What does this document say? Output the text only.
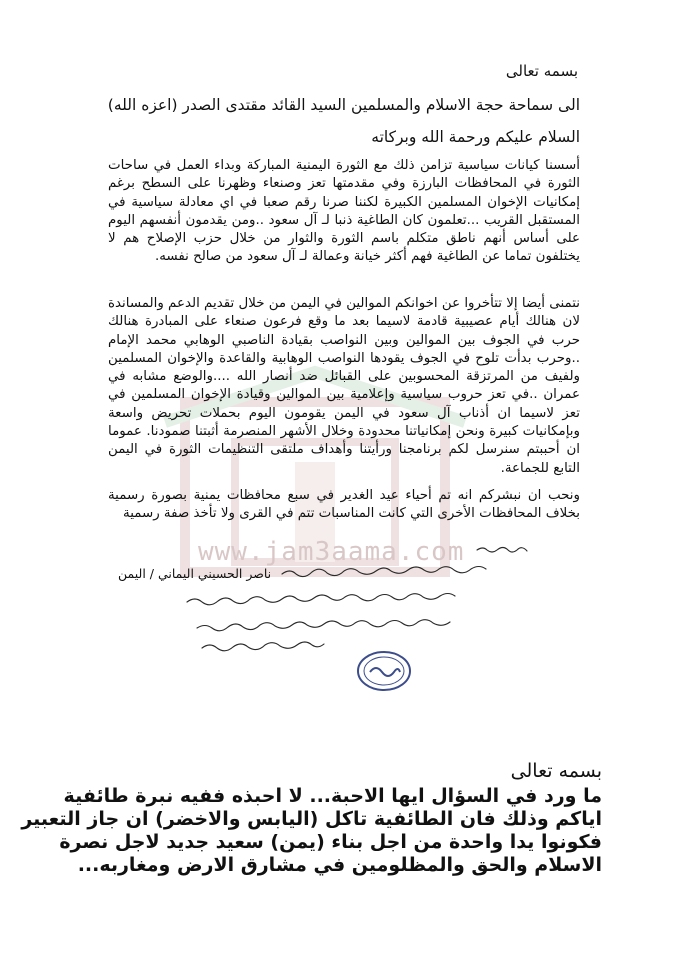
www.jam3aama.com
بسمه تعالى
الى سماحة حجة الاسلام والمسلمين السيد القائد مقتدى الصدر (اعزه الله)
السلام عليكم ورحمة الله وبركاته
أسسنا كيانات سياسية تزامن ذلك مع الثورة اليمنية المباركة وبداء العمل في ساحات الثورة في المحافظات البارزة وفي مقدمتها تعز وصنعاء وظهرنا على السطح برغم إمكانيات الإخوان المسلمين الكبيرة لكننا صرنا رقم صعبا في اي معادلة سياسية في المستقبل القريب ...تعلمون كان الطاغية ذنبا لـ آل سعود ..ومن يقدمون أنفسهم اليوم على أساس أنهم ناطق متكلم باسم الثورة والثوار من خلال حزب الإصلاح هم لا يختلفون تماما عن الطاغية فهم أكثر خيانة وعمالة لـ آل سعود من صالح نفسه.
نتمنى أيضا إلا تتأخروا عن اخوانكم الموالين في اليمن من خلال تقديم الدعم والمساندة لان هنالك أيام عصيبية قادمة لاسيما بعد ما وقع فرعون صنعاء على المبادرة هنالك حرب في الجوف بين الموالين وبين النواصب بقيادة الناصبي الوهابي محمد الإمام ..وحرب بدأت تلوح في الجوف يقودها النواصب الوهابية والقاعدة والإخوان المسلمين ولفيف من المرتزقة المحسوبين على القبائل ضد أنصار الله ....والوضع مشابه في عمران ..في تعز حروب سياسية وإعلامية بين الموالين وقيادة الإخوان المسلمين في تعز لاسيما ان أذناب آل سعود في اليمن يقومون اليوم بحملات تحريض واسعة وبإمكانيات كبيرة ونحن إمكانياتنا محدودة وخلال الأشهر المنصرمة أثبتنا صمودنا. عموما ان أحببتم سنرسل لكم برنامجنا ورأيتنا وأهداف ملتقى التنظيمات الثورة في اليمن التابع للجماعة.
ونحب ان نبشركم انه تم أحياء عيد الغدير في سبع محافظات يمنية بصورة رسمية بخلاف المحافظات الأخرى التي كانت المناسبات تتم في القرى ولا تأخذ صفة رسمية
ناصر الحسيني اليماني / اليمن
بسمه تعالى
ما ورد في السؤال ايها الاحبة... لا احبذه ففيه نبرة طائفية
اياكم وذلك فان الطائفية تاكل (اليابس والاخضر) ان جاز التعبير
فكونوا يدا واحدة من اجل بناء (يمن) سعيد جديد لاجل نصرة
الاسلام والحق والمظلومين في مشارق الارض ومغاربه...
